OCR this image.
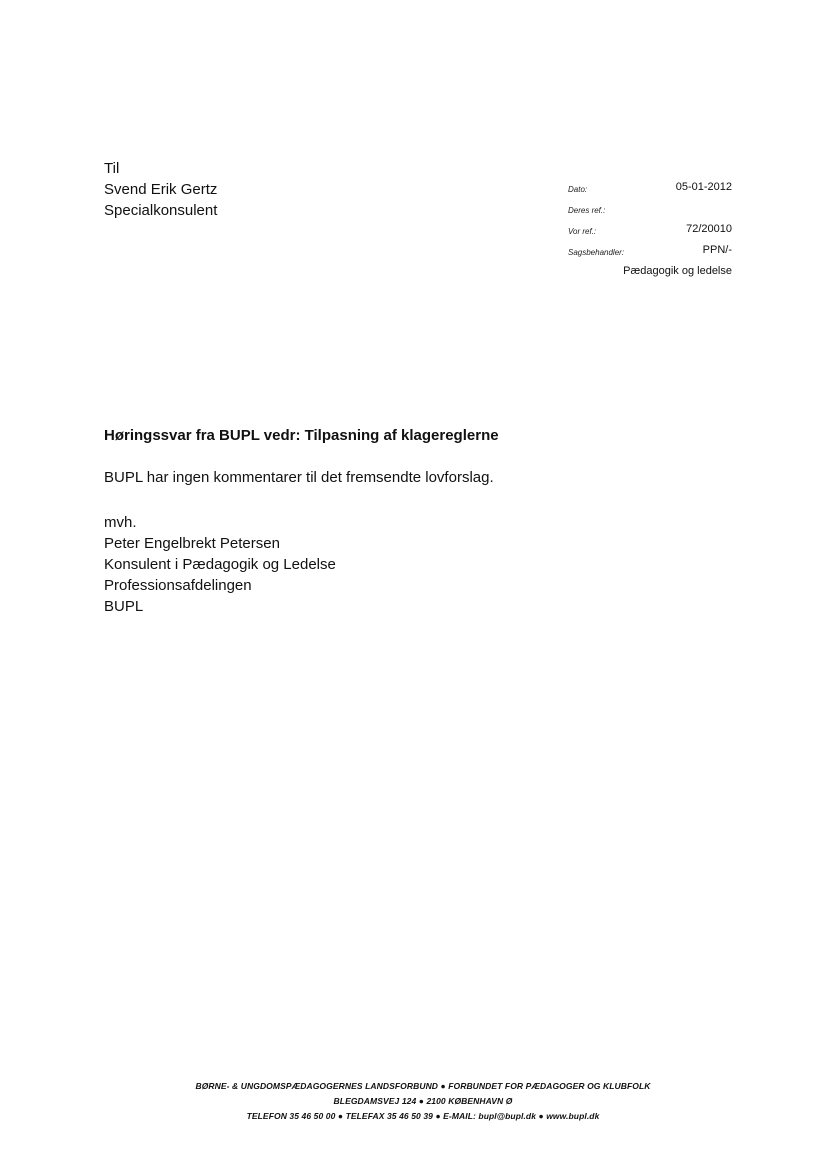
Til
Svend Erik Gertz
Specialkonsulent
Dato:	05-01-2012
Deres ref.:
Vor ref.:	72/20010
Sagsbehandler:	PPN/-
Pædagogik og ledelse
Høringssvar fra BUPL vedr: Tilpasning af klagereglerne
BUPL har ingen kommentarer til det fremsendte lovforslag.
mvh.
Peter Engelbrekt Petersen
Konsulent i Pædagogik og Ledelse
Professionsafdelingen
BUPL
BØRNE- & UNGDOMSPÆDAGOGERNES LANDSFORBUND ● FORBUNDET FOR PÆDAGOGER OG KLUBFOLK
BLEGDAMSVEJ 124 ● 2100 KØBENHAVN Ø
TELEFON 35 46 50 00 ● TELEFAX 35 46 50 39 ● E-MAIL: bupl@bupl.dk ● www.bupl.dk
